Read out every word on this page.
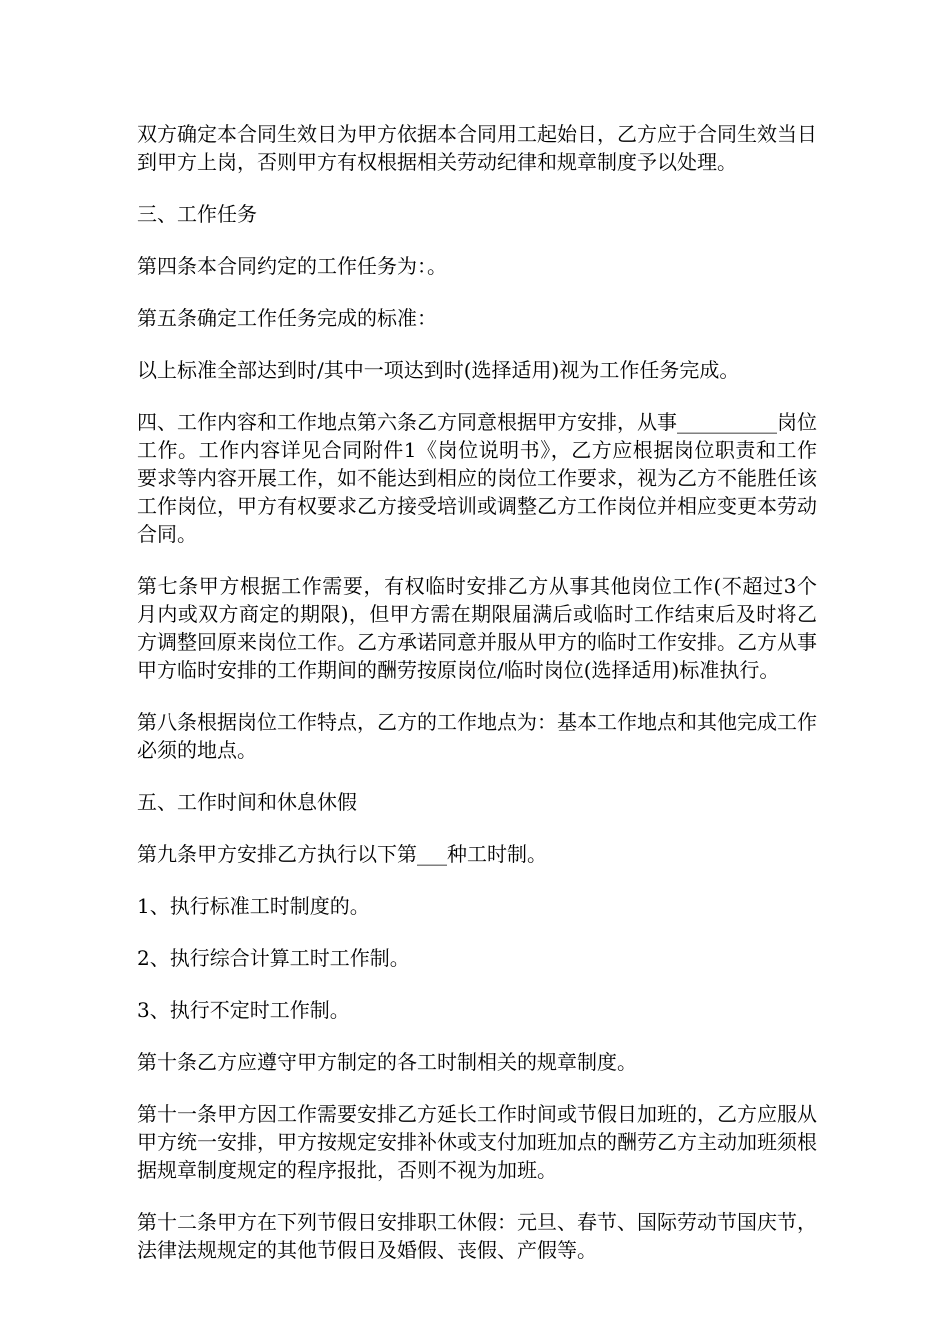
双方确定本合同生效日为甲方依据本合同用工起始日，乙方应于合同生效当日到甲方上岗，否则甲方有权根据相关劳动纪律和规章制度予以处理。

三、工作任务

第四条本合同约定的工作任务为：。

第五条确定工作任务完成的标准：

以上标准全部达到时/其中一项达到时(选择适用)视为工作任务完成。

四、工作内容和工作地点第六条乙方同意根据甲方安排，从事__________岗位工作。工作内容详见合同附件1《岗位说明书》，乙方应根据岗位职责和工作要求等内容开展工作，如不能达到相应的岗位工作要求，视为乙方不能胜任该工作岗位，甲方有权要求乙方接受培训或调整乙方工作岗位并相应变更本劳动合同。

第七条甲方根据工作需要，有权临时安排乙方从事其他岗位工作(不超过3个月内或双方商定的期限)，但甲方需在期限届满后或临时工作结束后及时将乙方调整回原来岗位工作。乙方承诺同意并服从甲方的临时工作安排。乙方从事甲方临时安排的工作期间的酬劳按原岗位/临时岗位(选择适用)标准执行。

第八条根据岗位工作特点，乙方的工作地点为：基本工作地点和其他完成工作必须的地点。

五、工作时间和休息休假

第九条甲方安排乙方执行以下第___种工时制。

1、执行标准工时制度的。

2、执行综合计算工时工作制。

3、执行不定时工作制。

第十条乙方应遵守甲方制定的各工时制相关的规章制度。

第十一条甲方因工作需要安排乙方延长工作时间或节假日加班的，乙方应服从甲方统一安排，甲方按规定安排补休或支付加班加点的酬劳乙方主动加班须根据规章制度规定的程序报批，否则不视为加班。

第十二条甲方在下列节假日安排职工休假：元旦、春节、国际劳动节国庆节，法律法规规定的其他节假日及婚假、丧假、产假等。
